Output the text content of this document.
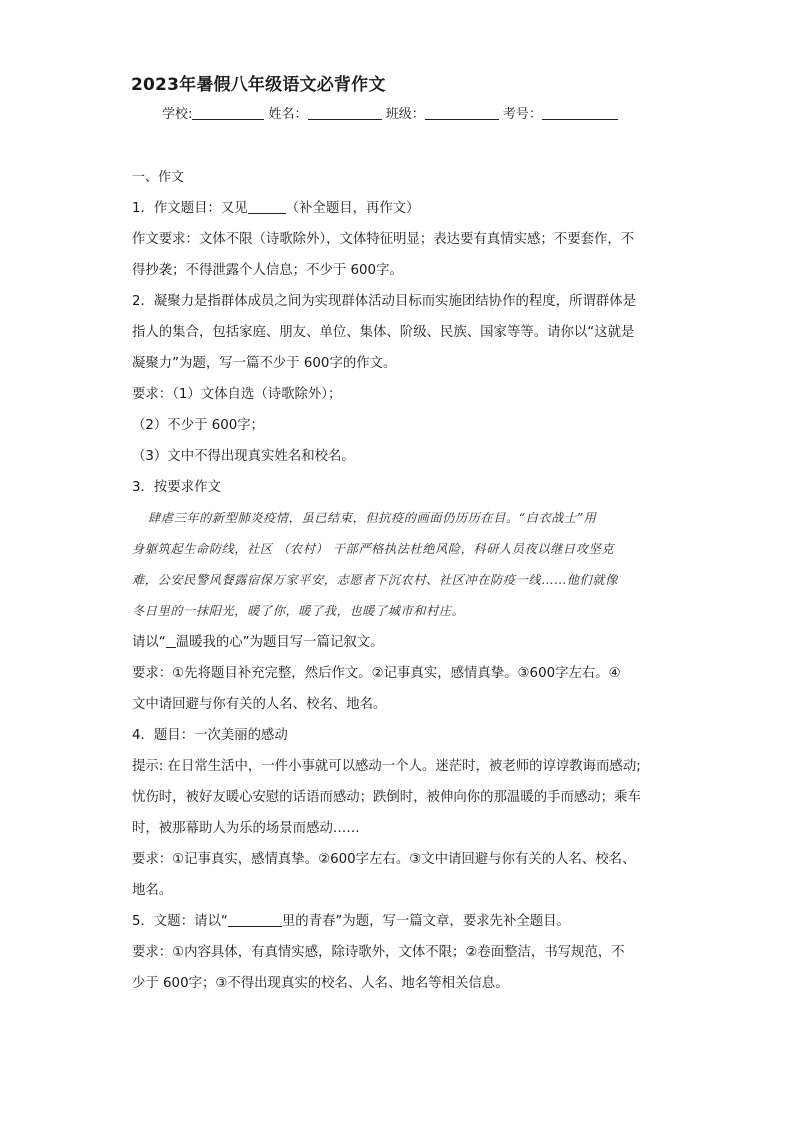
2023年暑假八年级语文必背作文
学校:	姓名：	班级：	考号：
一、作文
1．作文题目：又见	（补全题目，再作文）
作文要求：文体不限（诗歌除外），文体特征明显；表达要有真情实感；不要套作，不
得抄袭；不得泄露个人信息；不少于 600字。
2．凝聚力是指群体成员之间为实现群体活动目标而实施团结协作的程度，所谓群体是
指人的集合，包括家庭、朋友、单位、集体、阶级、民族、国家等等。请你以“这就是
凝聚力”为题，写一篇不少于 600字的作文。
要求：（1）文体自选（诗歌除外）；
（2）不少于 600字；
（3）文中不得出现真实姓名和校名。
3．按要求作文
肆虐三年的新型肺炎疫情，虽已结束，但抗疫的画面仍历历在目。“白衣战士”用
身躯筑起生命防线，社区 （农村） 干部严格执法杜绝风险，科研人员夜以继日攻坚克
难，公安民警风餐露宿保万家平安，志愿者下沉农村、社区冲在防疫一线……他们就像
冬日里的一抹阳光，暖了你，暖了我，也暖了城市和村庄。
请以“ 温暖我的心”为题目写一篇记叙文。
要求：①先将题目补充完整，然后作文。②记事真实，感情真挚。③600字左右。④
文中请回避与你有关的人名、校名、地名。
4．题目：一次美丽的感动
提示: 在日常生活中，一件小事就可以感动一个人。迷茫时，被老师的谆谆教诲而感动;
忧伤时，被好友暖心安慰的话语而感动；跌倒时，被伸向你的那温暖的手而感动；乘车
时，被那幕助人为乐的场景而感动……
要求：①记事真实，感情真挚。②600字左右。③文中请回避与你有关的人名、校名、
地名。
5．文题：请以“	里的青春”为题，写一篇文章，要求先补全题目。
要求：①内容具体，有真情实感，除诗歌外，文体不限；②卷面整洁，书写规范，不
少于 600字；③不得出现真实的校名、人名、地名等相关信息。
